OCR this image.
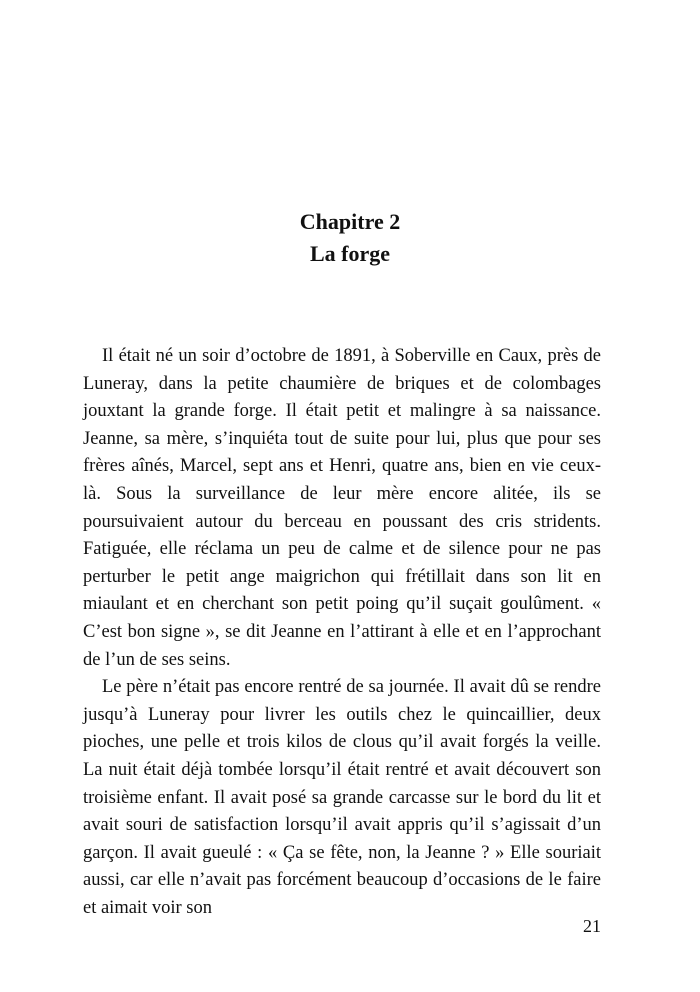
Chapitre 2
La forge

Il était né un soir d’octobre de 1891, à Soberville en Caux, près de Luneray, dans la petite chaumière de briques et de colombages jouxtant la grande forge. Il était petit et malingre à sa naissance. Jeanne, sa mère, s’inquiéta tout de suite pour lui, plus que pour ses frères aînés, Marcel, sept ans et Henri, quatre ans, bien en vie ceux-là. Sous la surveillance de leur mère encore alitée, ils se poursuivaient autour du berceau en poussant des cris stridents. Fatiguée, elle réclama un peu de calme et de silence pour ne pas perturber le petit ange maigrichon qui frétillait dans son lit en miaulant et en cherchant son petit poing qu’il suçait goulûment. « C’est bon signe », se dit Jeanne en l’attirant à elle et en l’approchant de l’un de ses seins.

Le père n’était pas encore rentré de sa journée. Il avait dû se rendre jusqu’à Luneray pour livrer les outils chez le quincaillier, deux pioches, une pelle et trois kilos de clous qu’il avait forgés la veille. La nuit était déjà tombée lorsqu’il était rentré et avait découvert son troisième enfant. Il avait posé sa grande carcasse sur le bord du lit et avait souri de satisfaction lorsqu’il avait appris qu’il s’agissait d’un garçon. Il avait gueulé : « Ça se fête, non, la Jeanne ? » Elle souriait aussi, car elle n’avait pas forcément beaucoup d’occasions de le faire et aimait voir son

21
